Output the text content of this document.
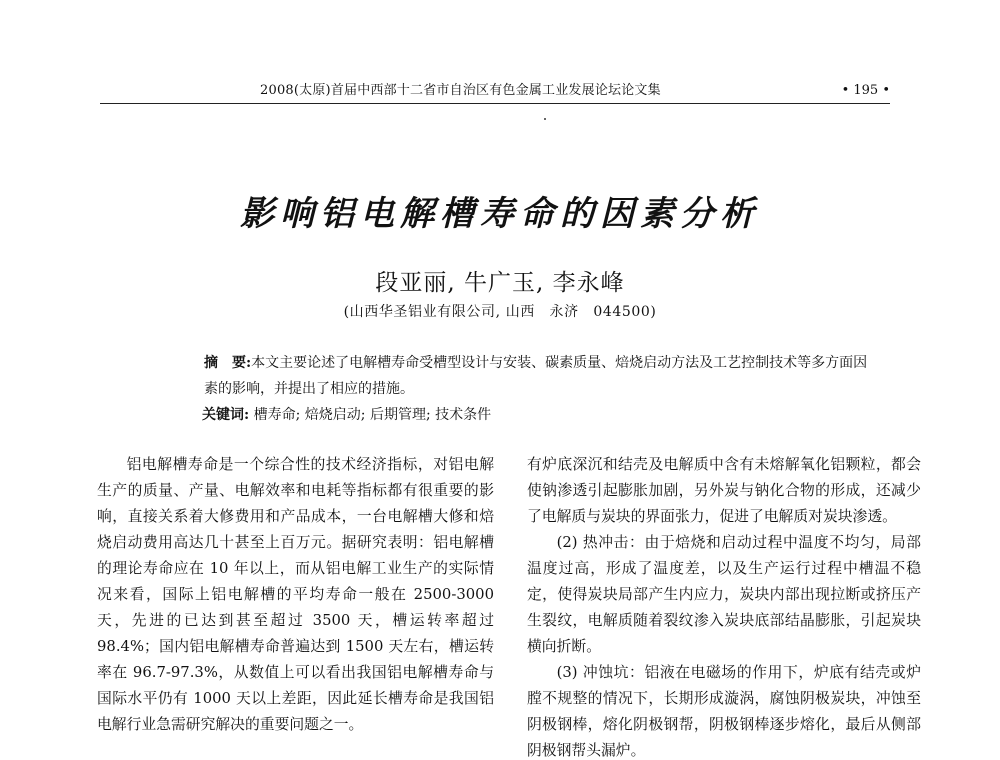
2008(太原)首届中西部十二省市自治区有色金属工业发展论坛论文集	• 195 •
影响铝电解槽寿命的因素分析
段亚丽, 牛广玉, 李永峰
(山西华圣铝业有限公司, 山西　永济　044500)
摘　要:本文主要论述了电解槽寿命受槽型设计与安装、碳素质量、焙烧启动方法及工艺控制技术等多方面因素的影响，并提出了相应的措施。
关键词: 槽寿命; 焙烧启动; 后期管理; 技术条件

铝电解槽寿命是一个综合性的技术经济指标，对铝电解生产的质量、产量、电解效率和电耗等指标都有很重要的影响，直接关系着大修费用和产品成本，一台电解槽大修和焙烧启动费用高达几十甚至上百万元。据研究表明：铝电解槽的理论寿命应在 10 年以上，而从铝电解工业生产的实际情况来看，国际上铝电解槽的平均寿命一般在 2500-3000 天，先进的已达到甚至超过 3500 天，槽运转率超过 98.4%；国内铝电解槽寿命普遍达到 1500 天左右，槽运转率在 96.7-97.3%，从数值上可以看出我国铝电解槽寿命与国际水平仍有 1000 天以上差距，因此延长槽寿命是我国铝电解行业急需研究解决的重要问题之一。

有炉底深沉和结壳及电解质中含有未熔解氧化铝颗粒，都会使钠渗透引起膨胀加剧，另外炭与钠化合物的形成，还减少了电解质与炭块的界面张力，促进了电解质对炭块渗透。

(2) 热冲击：由于焙烧和启动过程中温度不均匀，局部温度过高，形成了温度差，以及生产运行过程中槽温不稳定，使得炭块局部产生内应力，炭块内部出现拉断或挤压产生裂纹，电解质随着裂纹渗入炭块底部结晶膨胀，引起炭块横向折断。

(3) 冲蚀坑：铝液在电磁场的作用下，炉底有结壳或炉膛不规整的情况下，长期形成漩涡，腐蚀阴极炭块，冲蚀至阴极钢棒，熔化阴极钢帮，阴极钢棒逐步熔化，最后从侧部阴极钢帮头漏炉。
